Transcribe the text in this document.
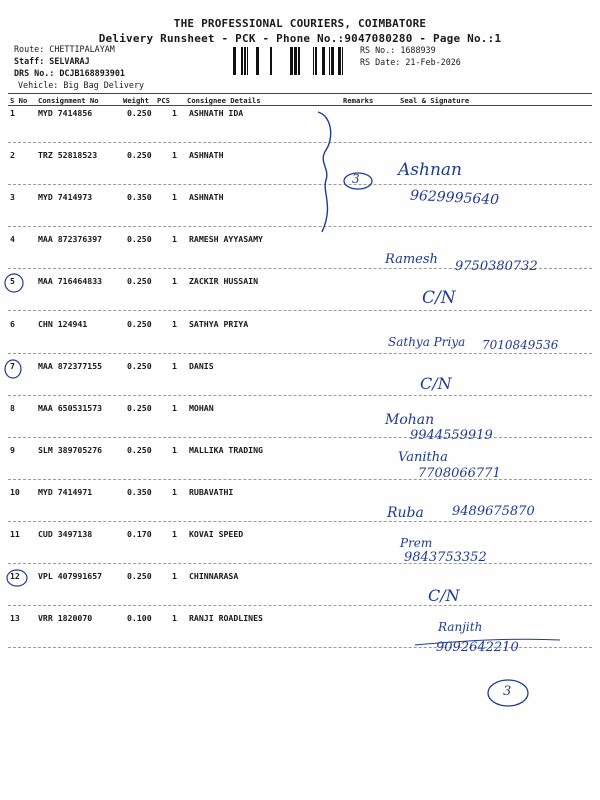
THE PROFESSIONAL COURIERS, COIMBATORE
Delivery Runsheet - PCK - Phone No.:9047080280 - Page No.:1
Route: CHETTIPALAYAM
Staff: SELVARAJ
DRS No.: DCJB168893901
Vehicle: Big Bag Delivery
RS No.: 1688939
RS Date: 21-Feb-2026
S No Consignment No	Weight PCS Consignee Details	Remarks	Seal & Signature
1	MYD 7414856	0.250 1 ASHNATH IDA
2	TRZ 52818523	0.250 1 ASHNATH
3	MYD 7414973	0.350 1 ASHNATH
4	MAA 872376397	0.250 1 RAMESH AYYASAMY
5	MAA 716464833	0.250 1 ZACKIR HUSSAIN
6	CHN 124941	0.250 1 SATHYA PRIYA
7	MAA 872377155	0.250 1 DANIS
8	MAA 650531573	0.250 1 MOHAN
9	SLM 389705276	0.250 1 MALLIKA TRADING
10 MYD 7414971	0.350 1 RUBAVATHI
11 CUD 3497138	0.170 1 KOVAI SPEED
12 VPL 407991657	0.250 1 CHINNARASA
13 VRR 1820070	0.100 1 RANJI ROADLINES
3 Ashnan
9629995640
Ramesh 9750380732
C/N
Sathya Priya 7010849536
C/N
Mohan
9944559919
Vanitha
7708066771
Ruba 9489675870
Prem
9843753352
C/N
Ranjith
9092642210
3
